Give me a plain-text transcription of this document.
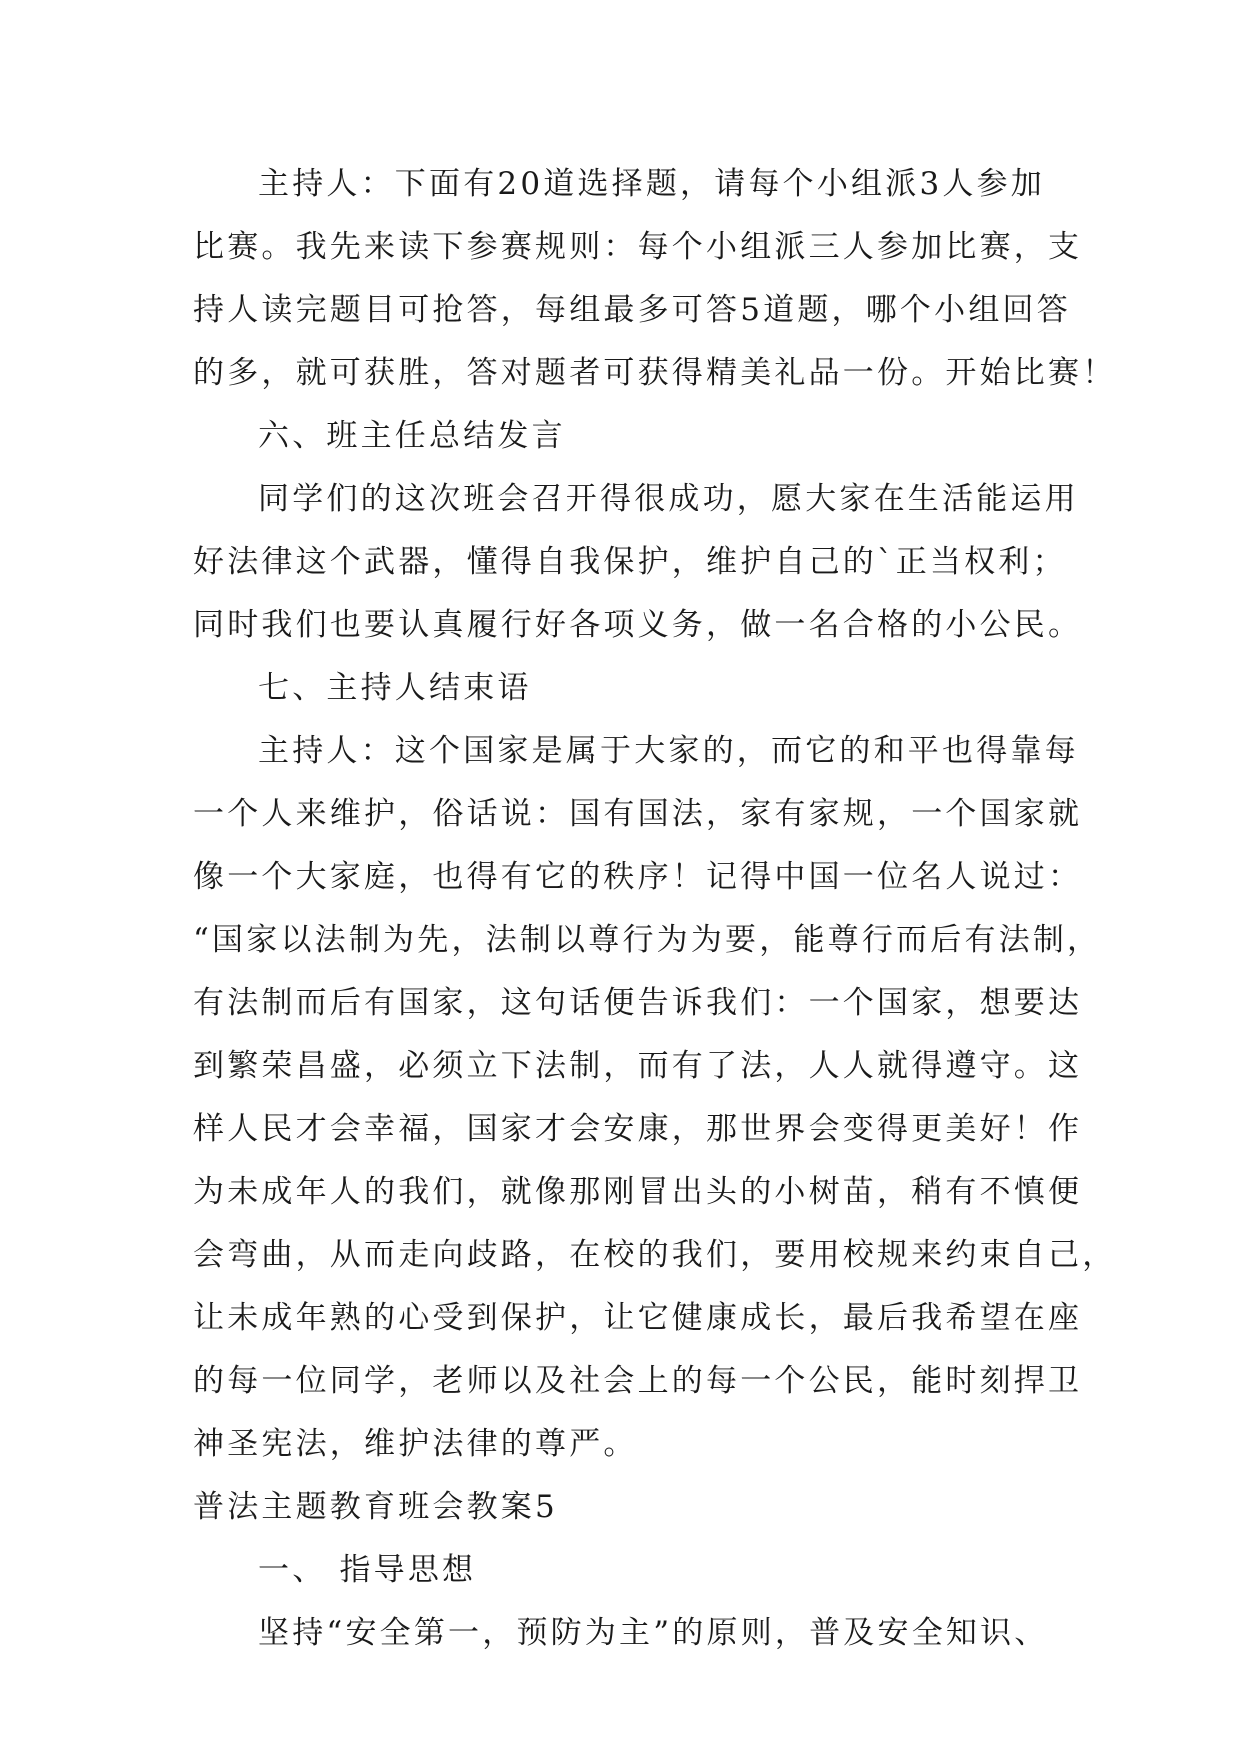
主持人：下面有20道选择题，请每个小组派3人参加
比赛。我先来读下参赛规则：每个小组派三人参加比赛，支
持人读完题目可抢答，每组最多可答5道题，哪个小组回答
的多，就可获胜，答对题者可获得精美礼品一份。开始比赛！
六、班主任总结发言
同学们的这次班会召开得很成功，愿大家在生活能运用
好法律这个武器，懂得自我保护，维护自己的`正当权利；
同时我们也要认真履行好各项义务，做一名合格的小公民。
七、主持人结束语
主持人：这个国家是属于大家的，而它的和平也得靠每
一个人来维护，俗话说：国有国法，家有家规，一个国家就
像一个大家庭，也得有它的秩序！记得中国一位名人说过：
“国家以法制为先，法制以尊行为为要，能尊行而后有法制，
有法制而后有国家，这句话便告诉我们：一个国家，想要达
到繁荣昌盛，必须立下法制，而有了法，人人就得遵守。这
样人民才会幸福，国家才会安康，那世界会变得更美好！作
为未成年人的我们，就像那刚冒出头的小树苗，稍有不慎便
会弯曲，从而走向歧路，在校的我们，要用校规来约束自己，
让未成年熟的心受到保护，让它健康成长，最后我希望在座
的每一位同学，老师以及社会上的每一个公民，能时刻捍卫
神圣宪法，维护法律的尊严。
普法主题教育班会教案5
一、 指导思想
坚持“安全第一，预防为主”的原则，普及安全知识、
